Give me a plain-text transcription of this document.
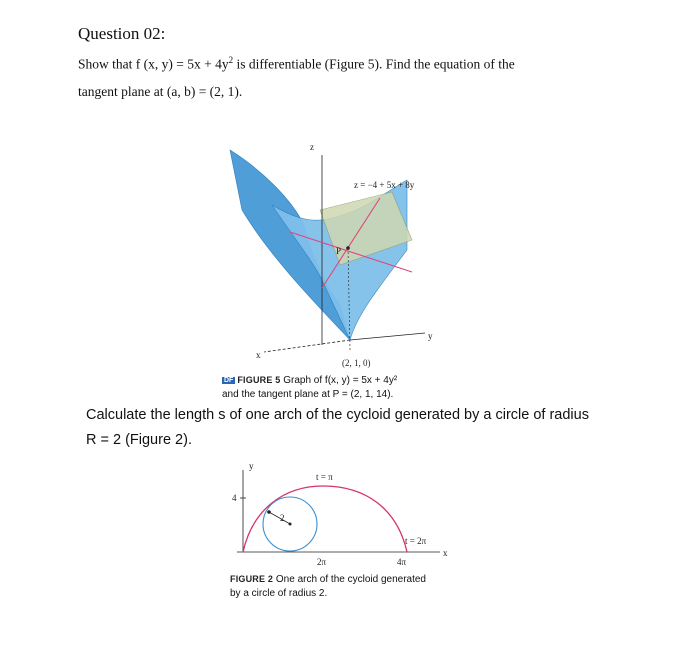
Question 02:
Show that f (x, $y) = 5x + 4y^2$ is differentiable (Figure 5). Find the equation of the
tangent plane at (a, b) = (2, 1).
z
y
x
P
z = −4 + 5x + 8y
(2, 1, 0)
DF FIGURE 5 Graph of f(x, y) = 5x + 4y²
and the tangent plane at P = (2, 1, 14).
Calculate the length s of one arch of the cycloid generated by a circle of radius
R = 2 (Figure 2).
y
x
4
2
t = π
t = 2π
2π	4π
FIGURE 2 One arch of the cycloid generated
by a circle of radius 2.
